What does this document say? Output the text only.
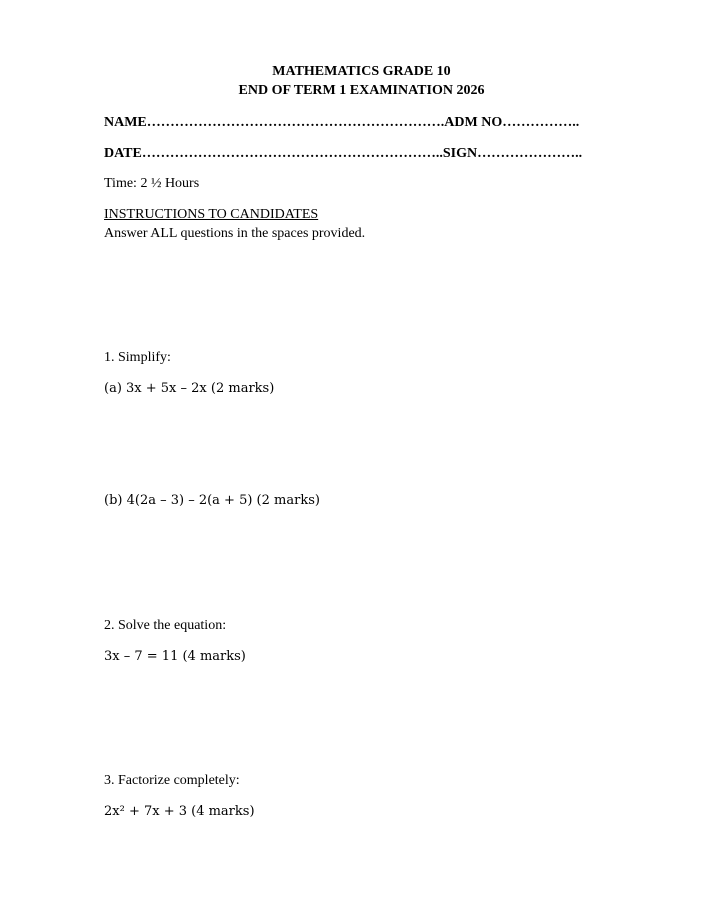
MATHEMATICS GRADE 10
END OF TERM 1 EXAMINATION 2026
NAME……………………………………………………….ADM NO……………..
DATE………………………………………………………..SIGN…………………..
Time: 2 ½ Hours
INSTRUCTIONS TO CANDIDATES
Answer ALL questions in the spaces provided.
1. Simplify:
(a) 3x + 5x – 2x (2 marks)
(b) 4(2a – 3) – 2(a + 5) (2 marks)
2. Solve the equation:
3x – 7 = 11 (4 marks)
3. Factorize completely:
2x² + 7x + 3 (4 marks)
